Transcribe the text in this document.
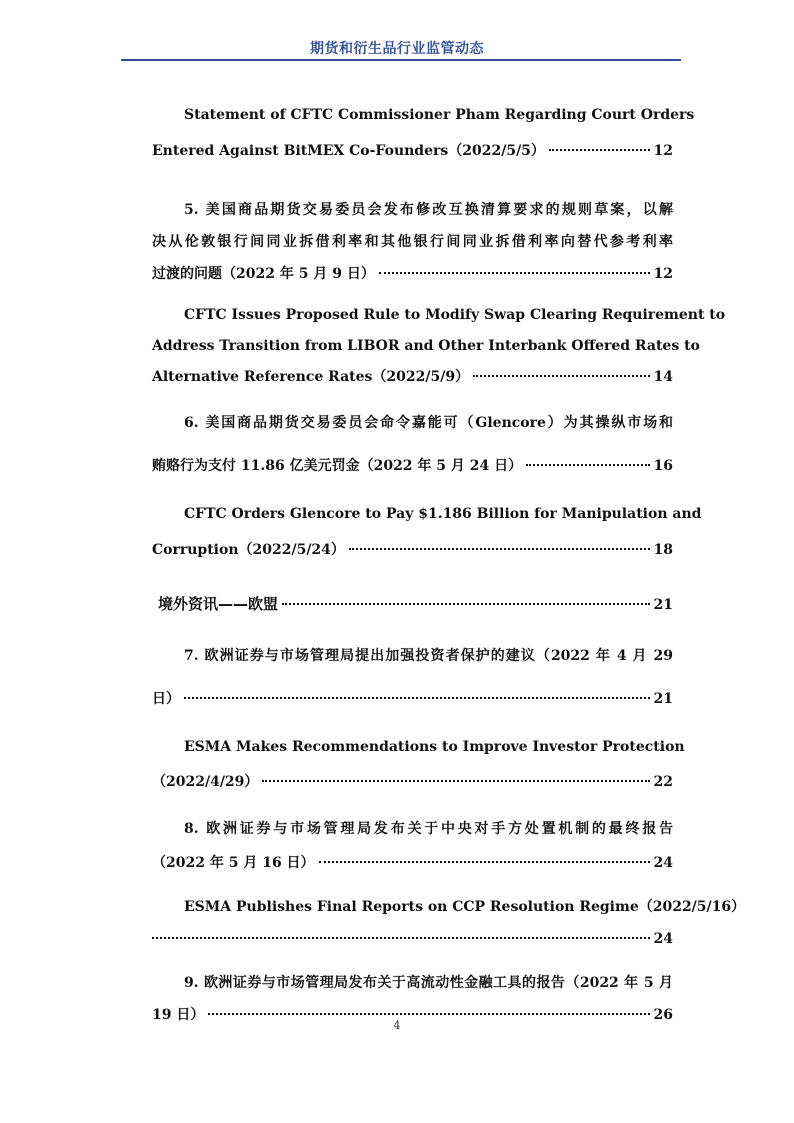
期货和衍生品行业监管动态
Statement of CFTC Commissioner Pham Regarding Court Orders
Entered Against BitMEX Co-Founders（2022/5/5）	12
5. 美国商品期货交易委员会发布修改互换清算要求的规则草案，以解
决从伦敦银行间同业拆借利率和其他银行间同业拆借利率向替代参考利率
过渡的问题（2022 年 5 月 9 日）	12
CFTC Issues Proposed Rule to Modify Swap Clearing Requirement to
Address Transition from LIBOR and Other Interbank Offered Rates to
Alternative Reference Rates（2022/5/9）	14
6. 美国商品期货交易委员会命令嘉能可（Glencore）为其操纵市场和
贿赂行为支付 11.86 亿美元罚金（2022 年 5 月 24 日）	16
CFTC Orders Glencore to Pay $1.186 Billion for Manipulation and
Corruption（2022/5/24）	18
境外资讯——欧盟	21
7. 欧洲证券与市场管理局提出加强投资者保护的建议（2022 年 4 月 29
日）	21
ESMA Makes Recommendations to Improve Investor Protection
（2022/4/29）	22
8. 欧洲证券与市场管理局发布关于中央对手方处置机制的最终报告
（2022 年 5 月 16 日）	24
ESMA Publishes Final Reports on CCP Resolution Regime（2022/5/16）
24
9. 欧洲证券与市场管理局发布关于高流动性金融工具的报告（2022 年 5 月
19 日）	26
4
